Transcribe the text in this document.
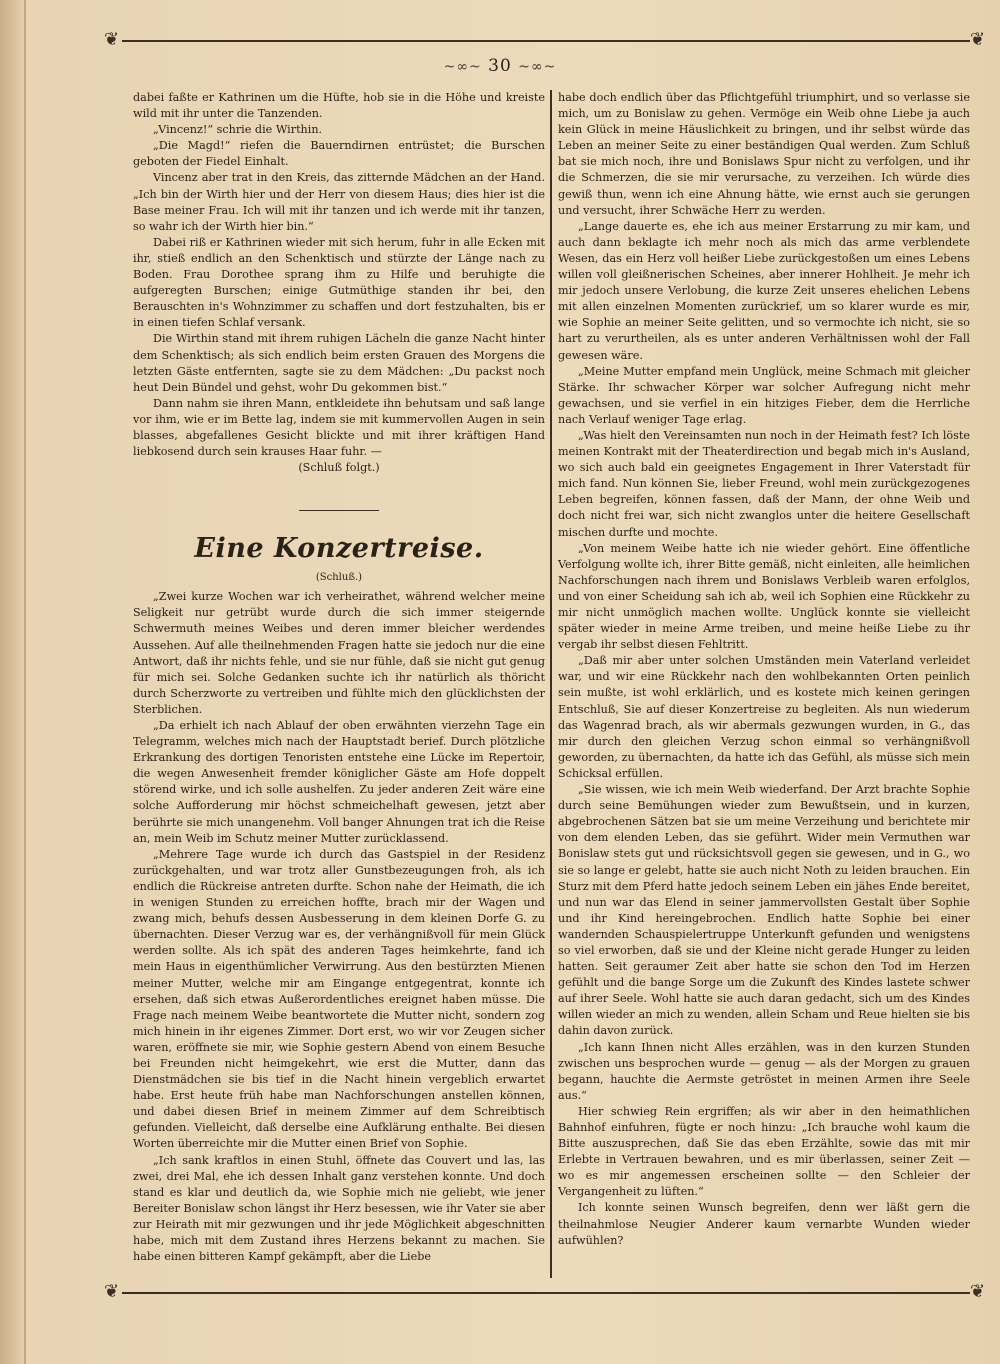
❦	❦
❦	❦
~∞~ 30 ~∞~

dabei faßte er Kathrinen um die Hüfte, hob sie in die Höhe und kreiste wild mit ihr unter die Tanzenden.

„Vincenz!“ schrie die Wirthin.

„Die Magd!“ riefen die Bauerndirnen entrüstet; die Burschen geboten der Fiedel Einhalt.

Vincenz aber trat in den Kreis, das zitternde Mädchen an der Hand. „Ich bin der Wirth hier und der Herr von diesem Haus; dies hier ist die Base meiner Frau. Ich will mit ihr tanzen und ich werde mit ihr tanzen, so wahr ich der Wirth hier bin.“

Dabei riß er Kathrinen wieder mit sich herum, fuhr in alle Ecken mit ihr, stieß endlich an den Schenktisch und stürzte der Länge nach zu Boden. Frau Dorothee sprang ihm zu Hilfe und beruhigte die aufgeregten Burschen; einige Gutmüthige standen ihr bei, den Berauschten in's Wohnzimmer zu schaffen und dort festzuhalten, bis er in einen tiefen Schlaf versank.

Die Wirthin stand mit ihrem ruhigen Lächeln die ganze Nacht hinter dem Schenktisch; als sich endlich beim ersten Grauen des Morgens die letzten Gäste entfernten, sagte sie zu dem Mädchen: „Du packst noch heut Dein Bündel und gehst, wohr Du gekommen bist.“

Dann nahm sie ihren Mann, entkleidete ihn behutsam und saß lange vor ihm, wie er im Bette lag, indem sie mit kummervollen Augen in sein blasses, abgefallenes Gesicht blickte und mit ihrer kräftigen Hand liebkosend durch sein krauses Haar fuhr. —

(Schluß folgt.)

Eine Konzertreise.
(Schluß.)

„Zwei kurze Wochen war ich verheirathet, während welcher meine Seligkeit nur getrübt wurde durch die sich immer steigernde Schwermuth meines Weibes und deren immer bleicher werdendes Aussehen. Auf alle theilnehmenden Fragen hatte sie jedoch nur die eine Antwort, daß ihr nichts fehle, und sie nur fühle, daß sie nicht gut genug für mich sei. Solche Gedanken suchte ich ihr natürlich als thöricht durch Scherzworte zu vertreiben und fühlte mich den glücklichsten der Sterblichen.

„Da erhielt ich nach Ablauf der oben erwähnten vierzehn Tage ein Telegramm, welches mich nach der Hauptstadt berief. Durch plötzliche Erkrankung des dortigen Tenoristen entstehe eine Lücke im Repertoir, die wegen Anwesenheit fremder königlicher Gäste am Hofe doppelt störend wirke, und ich solle aushelfen. Zu jeder anderen Zeit wäre eine solche Aufforderung mir höchst schmeichelhaft gewesen, jetzt aber berührte sie mich unangenehm. Voll banger Ahnungen trat ich die Reise an, mein Weib im Schutz meiner Mutter zurücklassend.

„Mehrere Tage wurde ich durch das Gastspiel in der Residenz zurückgehalten, und war trotz aller Gunstbezeugungen froh, als ich endlich die Rückreise antreten durfte. Schon nahe der Heimath, die ich in wenigen Stunden zu erreichen hoffte, brach mir der Wagen und zwang mich, behufs dessen Ausbesserung in dem kleinen Dorfe G. zu übernachten. Dieser Verzug war es, der verhängnißvoll für mein Glück werden sollte. Als ich spät des anderen Tages heimkehrte, fand ich mein Haus in eigenthümlicher Verwirrung. Aus den bestürzten Mienen meiner Mutter, welche mir am Eingange entgegentrat, konnte ich ersehen, daß sich etwas Außerordentliches ereignet haben müsse. Die Frage nach meinem Weibe beantwortete die Mutter nicht, sondern zog mich hinein in ihr eigenes Zimmer. Dort erst, wo wir vor Zeugen sicher waren, eröffnete sie mir, wie Sophie gestern Abend von einem Besuche bei Freunden nicht heimgekehrt, wie erst die Mutter, dann das Dienstmädchen sie bis tief in die Nacht hinein vergeblich erwartet habe. Erst heute früh habe man Nachforschungen anstellen können, und dabei diesen Brief in meinem Zimmer auf dem Schreibtisch gefunden. Vielleicht, daß derselbe eine Aufklärung enthalte. Bei diesen Worten überreichte mir die Mutter einen Brief von Sophie.

„Ich sank kraftlos in einen Stuhl, öffnete das Couvert und las, las zwei, drei Mal, ehe ich dessen Inhalt ganz verstehen konnte. Und doch stand es klar und deutlich da, wie Sophie mich nie geliebt, wie jener Bereiter Bonislaw schon längst ihr Herz besessen, wie ihr Vater sie aber zur Heirath mit mir gezwungen und ihr jede Möglichkeit abgeschnitten habe, mich mit dem Zustand ihres Herzens bekannt zu machen. Sie habe einen bitteren Kampf gekämpft, aber die Liebe

habe doch endlich über das Pflichtgefühl triumphirt, und so verlasse sie mich, um zu Bonislaw zu gehen. Vermöge ein Weib ohne Liebe ja auch kein Glück in meine Häuslichkeit zu bringen, und ihr selbst würde das Leben an meiner Seite zu einer beständigen Qual werden. Zum Schluß bat sie mich noch, ihre und Bonislaws Spur nicht zu verfolgen, und ihr die Schmerzen, die sie mir verursache, zu verzeihen. Ich würde dies gewiß thun, wenn ich eine Ahnung hätte, wie ernst auch sie gerungen und versucht, ihrer Schwäche Herr zu werden.

„Lange dauerte es, ehe ich aus meiner Erstarrung zu mir kam, und auch dann beklagte ich mehr noch als mich das arme verblendete Wesen, das ein Herz voll heißer Liebe zurückgestoßen um eines Lebens willen voll gleißnerischen Scheines, aber innerer Hohlheit. Je mehr ich mir jedoch unsere Verlobung, die kurze Zeit unseres ehelichen Lebens mit allen einzelnen Momenten zurückrief, um so klarer wurde es mir, wie Sophie an meiner Seite gelitten, und so vermochte ich nicht, sie so hart zu verurtheilen, als es unter anderen Verhältnissen wohl der Fall gewesen wäre.

„Meine Mutter empfand mein Unglück, meine Schmach mit gleicher Stärke. Ihr schwacher Körper war solcher Aufregung nicht mehr gewachsen, und sie verfiel in ein hitziges Fieber, dem die Herrliche nach Verlauf weniger Tage erlag.

„Was hielt den Vereinsamten nun noch in der Heimath fest? Ich löste meinen Kontrakt mit der Theaterdirection und begab mich in's Ausland, wo sich auch bald ein geeignetes Engagement in Ihrer Vaterstadt für mich fand. Nun können Sie, lieber Freund, wohl mein zurückgezogenes Leben begreifen, können fassen, daß der Mann, der ohne Weib und doch nicht frei war, sich nicht zwanglos unter die heitere Gesellschaft mischen durfte und mochte.

„Von meinem Weibe hatte ich nie wieder gehört. Eine öffentliche Verfolgung wollte ich, ihrer Bitte gemäß, nicht einleiten, alle heimlichen Nachforschungen nach ihrem und Bonislaws Verbleib waren erfolglos, und von einer Scheidung sah ich ab, weil ich Sophien eine Rückkehr zu mir nicht unmöglich machen wollte. Unglück konnte sie vielleicht später wieder in meine Arme treiben, und meine heiße Liebe zu ihr vergab ihr selbst diesen Fehltritt.

„Daß mir aber unter solchen Umständen mein Vaterland verleidet war, und wir eine Rückkehr nach den wohlbekannten Orten peinlich sein mußte, ist wohl erklärlich, und es kostete mich keinen geringen Entschluß, Sie auf dieser Konzertreise zu begleiten. Als nun wiederum das Wagenrad brach, als wir abermals gezwungen wurden, in G., das mir durch den gleichen Verzug schon einmal so verhängnißvoll geworden, zu übernachten, da hatte ich das Gefühl, als müsse sich mein Schicksal erfüllen.

„Sie wissen, wie ich mein Weib wiederfand. Der Arzt brachte Sophie durch seine Bemühungen wieder zum Bewußtsein, und in kurzen, abgebrochenen Sätzen bat sie um meine Verzeihung und berichtete mir von dem elenden Leben, das sie geführt. Wider mein Vermuthen war Bonislaw stets gut und rücksichtsvoll gegen sie gewesen, und in G., wo sie so lange er gelebt, hatte sie auch nicht Noth zu leiden brauchen. Ein Sturz mit dem Pferd hatte jedoch seinem Leben ein jähes Ende bereitet, und nun war das Elend in seiner jammervollsten Gestalt über Sophie und ihr Kind hereingebrochen. Endlich hatte Sophie bei einer wandernden Schauspielertruppe Unterkunft gefunden und wenigstens so viel erworben, daß sie und der Kleine nicht gerade Hunger zu leiden hatten. Seit geraumer Zeit aber hatte sie schon den Tod im Herzen gefühlt und die bange Sorge um die Zukunft des Kindes lastete schwer auf ihrer Seele. Wohl hatte sie auch daran gedacht, sich um des Kindes willen wieder an mich zu wenden, allein Scham und Reue hielten sie bis dahin davon zurück.

„Ich kann Ihnen nicht Alles erzählen, was in den kurzen Stunden zwischen uns besprochen wurde — genug — als der Morgen zu grauen begann, hauchte die Aermste getröstet in meinen Armen ihre Seele aus.“

Hier schwieg Rein ergriffen; als wir aber in den heimathlichen Bahnhof einfuhren, fügte er noch hinzu: „Ich brauche wohl kaum die Bitte auszusprechen, daß Sie das eben Erzählte, sowie das mit mir Erlebte in Vertrauen bewahren, und es mir überlassen, seiner Zeit — wo es mir angemessen erscheinen sollte — den Schleier der Vergangenheit zu lüften.“

Ich konnte seinen Wunsch begreifen, denn wer läßt gern die theilnahmlose Neugier Anderer kaum vernarbte Wunden wieder aufwühlen?
